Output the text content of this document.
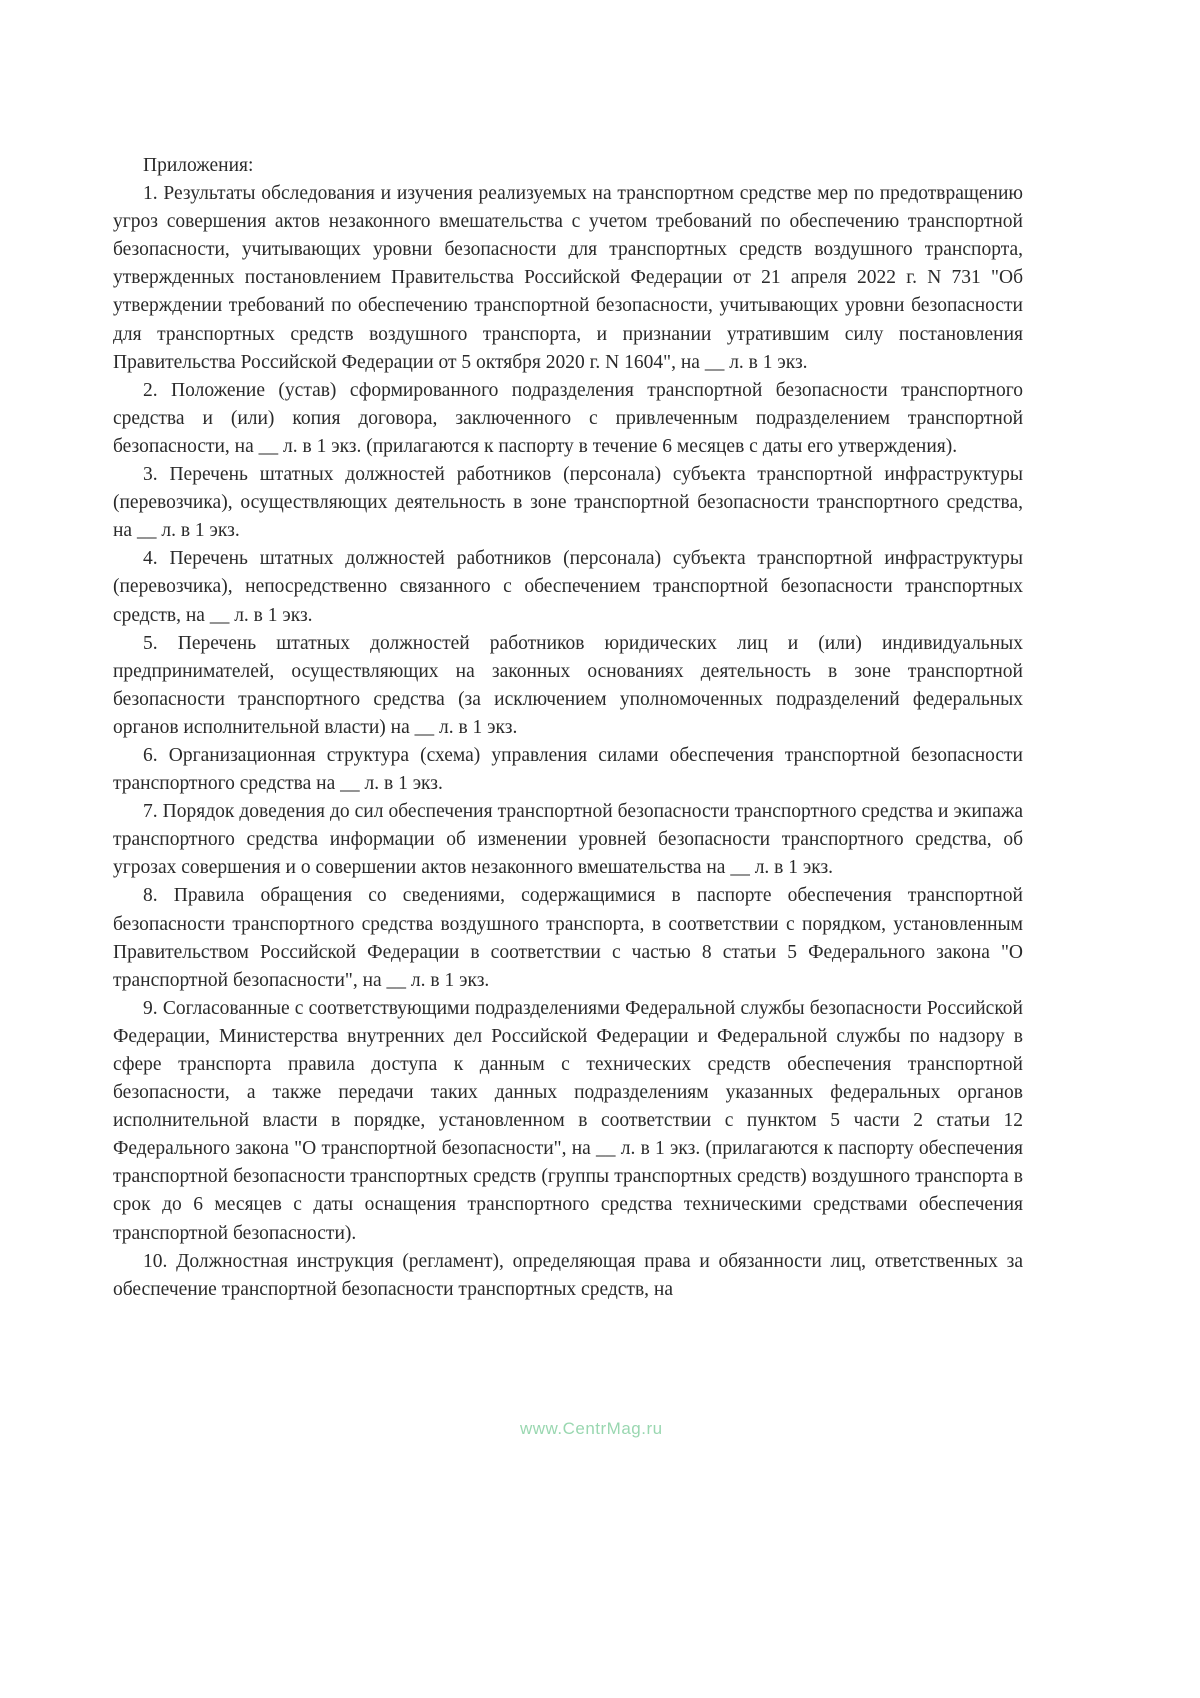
Приложения:

1. Результаты обследования и изучения реализуемых на транспортном средстве мер по предотвращению угроз совершения актов незаконного вмешательства с учетом требований по обеспечению транспортной безопасности, учитывающих уровни безопасности для транспортных средств воздушного транспорта, утвержденных постановлением Правительства Российской Федерации от 21 апреля 2022 г. N 731 "Об утверждении требований по обеспечению транспортной безопасности, учитывающих уровни безопасности для транспортных средств воздушного транспорта, и признании утратившим силу постановления Правительства Российской Федерации от 5 октября 2020 г. N 1604", на __ л. в 1 экз.

2. Положение (устав) сформированного подразделения транспортной безопасности транспортного средства и (или) копия договора, заключенного с привлеченным подразделением транспортной безопасности, на __ л. в 1 экз. (прилагаются к паспорту в течение 6 месяцев с даты его утверждения).

3. Перечень штатных должностей работников (персонала) субъекта транспортной инфраструктуры (перевозчика), осуществляющих деятельность в зоне транспортной безопасности транспортного средства, на __ л. в 1 экз.

4. Перечень штатных должностей работников (персонала) субъекта транспортной инфраструктуры (перевозчика), непосредственно связанного с обеспечением транспортной безопасности транспортных средств, на __ л. в 1 экз.

5. Перечень штатных должностей работников юридических лиц и (или) индивидуальных предпринимателей, осуществляющих на законных основаниях деятельность в зоне транспортной безопасности транспортного средства (за исключением уполномоченных подразделений федеральных органов исполнительной власти) на __ л. в 1 экз.

6. Организационная структура (схема) управления силами обеспечения транспортной безопасности транспортного средства на __ л. в 1 экз.

7. Порядок доведения до сил обеспечения транспортной безопасности транспортного средства и экипажа транспортного средства информации об изменении уровней безопасности транспортного средства, об угрозах совершения и о совершении актов незаконного вмешательства на __ л. в 1 экз.

8. Правила обращения со сведениями, содержащимися в паспорте обеспечения транспортной безопасности транспортного средства воздушного транспорта, в соответствии с порядком, установленным Правительством Российской Федерации в соответствии с частью 8 статьи 5 Федерального закона "О транспортной безопасности", на __ л. в 1 экз.

9. Согласованные с соответствующими подразделениями Федеральной службы безопасности Российской Федерации, Министерства внутренних дел Российской Федерации и Федеральной службы по надзору в сфере транспорта правила доступа к данным с технических средств обеспечения транспортной безопасности, а также передачи таких данных подразделениям указанных федеральных органов исполнительной власти в порядке, установленном в соответствии с пунктом 5 части 2 статьи 12 Федерального закона "О транспортной безопасности", на __ л. в 1 экз. (прилагаются к паспорту обеспечения транспортной безопасности транспортных средств (группы транспортных средств) воздушного транспорта в срок до 6 месяцев с даты оснащения транспортного средства техническими средствами обеспечения транспортной безопасности).

10. Должностная инструкция (регламент), определяющая права и обязанности лиц, ответственных за обеспечение транспортной безопасности транспортных средств, на

www.CentrMag.ru
